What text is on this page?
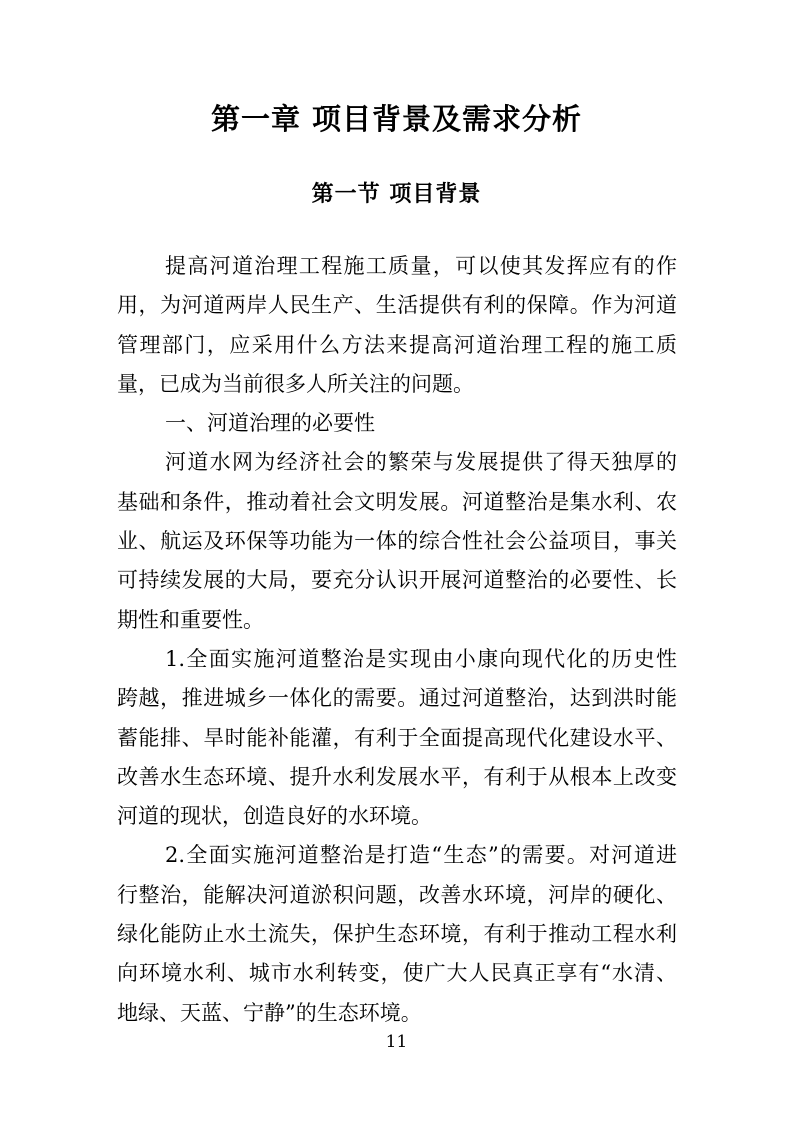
第一章 项目背景及需求分析
第一节 项目背景
提高河道治理工程施工质量，可以使其发挥应有的作
用，为河道两岸人民生产、生活提供有利的保障。作为河道
管理部门，应采用什么方法来提高河道治理工程的施工质
量，已成为当前很多人所关注的问题。
一、河道治理的必要性
河道水网为经济社会的繁荣与发展提供了得天独厚的
基础和条件，推动着社会文明发展。河道整治是集水利、农
业、航运及环保等功能为一体的综合性社会公益项目，事关
可持续发展的大局，要充分认识开展河道整治的必要性、长
期性和重要性。
1.全面实施河道整治是实现由小康向现代化的历史性
跨越，推进城乡一体化的需要。通过河道整治，达到洪时能
蓄能排、旱时能补能灌，有利于全面提高现代化建设水平、
改善水生态环境、提升水利发展水平，有利于从根本上改变
河道的现状，创造良好的水环境。
2.全面实施河道整治是打造“生态”的需要。对河道进
行整治，能解决河道淤积问题，改善水环境，河岸的硬化、
绿化能防止水土流失，保护生态环境，有利于推动工程水利
向环境水利、城市水利转变，使广大人民真正享有“水清、
地绿、天蓝、宁静”的生态环境。
11
